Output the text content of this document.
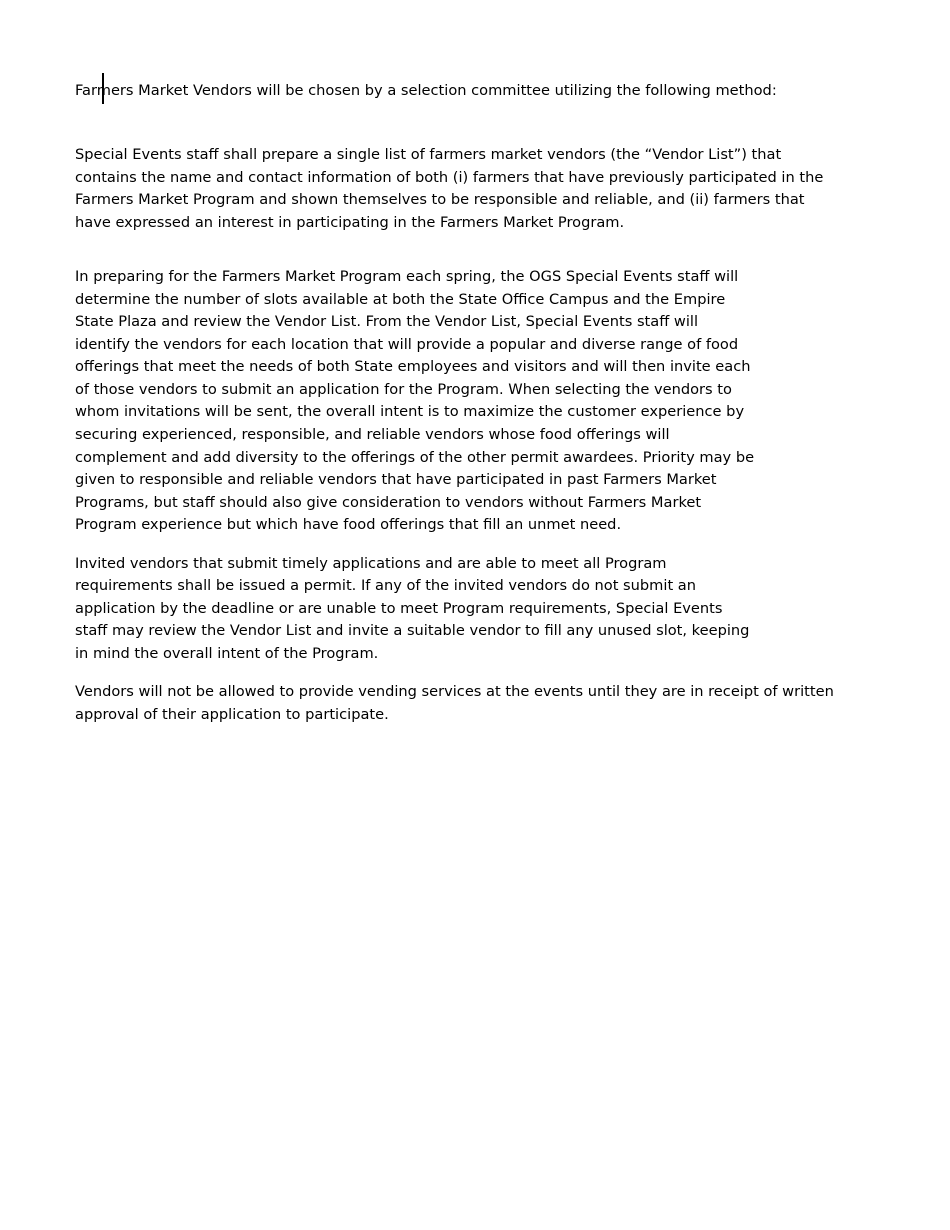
Farmers Market Vendors will be chosen by a selection committee utilizing the following method:
Special Events staff shall prepare a single list of farmers market vendors (the “Vendor List”) that
contains the name and contact information of both (i) farmers that have previously participated in the
Farmers Market Program and shown themselves to be responsible and reliable, and (ii) farmers that
have expressed an interest in participating in the Farmers Market Program.
In preparing for the Farmers Market Program each spring, the OGS Special Events staff will
determine the number of slots available at both the State Office Campus and the Empire
State Plaza and review the Vendor List. From the Vendor List, Special Events staff will
identify the vendors for each location that will provide a popular and diverse range of food
offerings that meet the needs of both State employees and visitors and will then invite each
of those vendors to submit an application for the Program. When selecting the vendors to
whom invitations will be sent, the overall intent is to maximize the customer experience by
securing experienced, responsible, and reliable vendors whose food offerings will
complement and add diversity to the offerings of the other permit awardees. Priority may be
given to responsible and reliable vendors that have participated in past Farmers Market
Programs, but staff should also give consideration to vendors without Farmers Market
Program experience but which have food offerings that fill an unmet need.
Invited vendors that submit timely applications and are able to meet all Program
requirements shall be issued a permit. If any of the invited vendors do not submit an
application by the deadline or are unable to meet Program requirements, Special Events
staff may review the Vendor List and invite a suitable vendor to fill any unused slot, keeping
in mind the overall intent of the Program.
Vendors will not be allowed to provide vending services at the events until they are in receipt of written
approval of their application to participate.
